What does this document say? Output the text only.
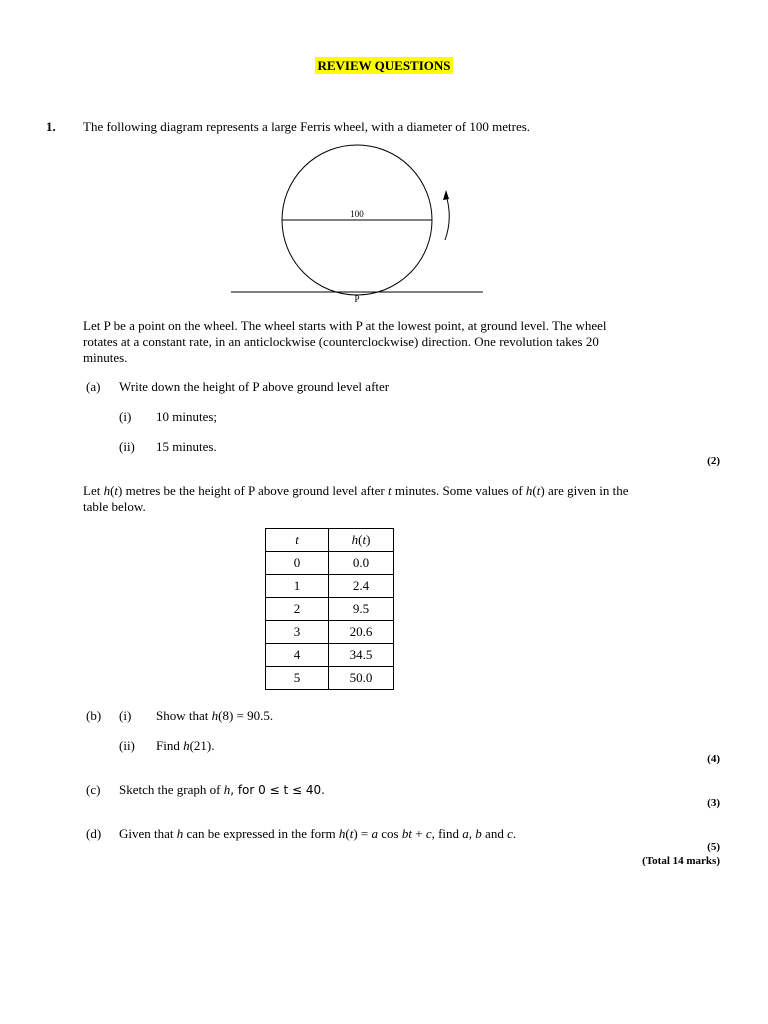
REVIEW QUESTIONS
1. The following diagram represents a large Ferris wheel, with a diameter of 100 metres.
100
P
Let P be a point on the wheel. The wheel starts with P at the lowest point, at ground level. The wheel
rotates at a constant rate, in an anticlockwise (counterclockwise) direction. One revolution takes 20
minutes.
(a) Write down the height of P above ground level after
(i) 10 minutes;
(ii) 15 minutes.
(2)
Let h(t) metres be the height of P above ground level after t minutes. Some values of h(t) are given in the
table below.
t	h(t)
0	0.0
1	2.4
2	9.5
3	20.6
4	34.5
5	50.0
(b) (i) Show that h(8) = 90.5.
(ii) Find h(21).
(4)
(c) Sketch the graph of h, for 0 ≤ t ≤ 40.
(3)
(d) Given that h can be expressed in the form h(t) = a cos bt + c, find a, b and c.
(5)
(Total 14 marks)
